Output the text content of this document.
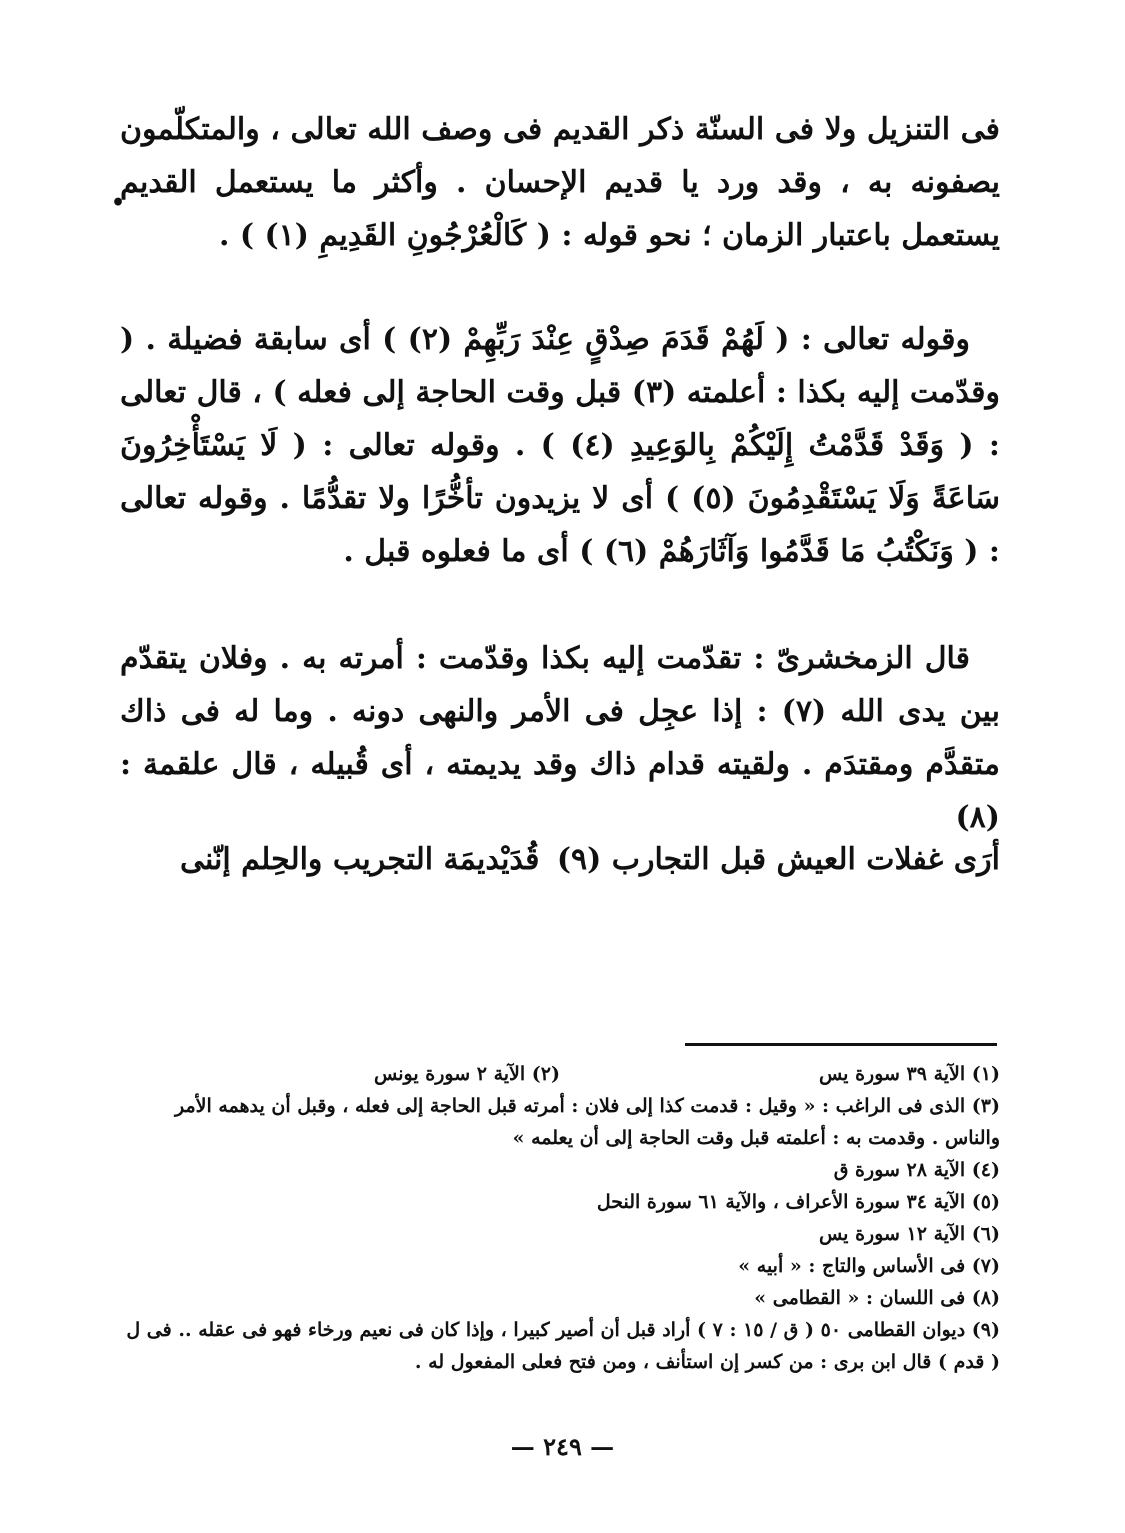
فى التنزيل ولا فى السنّة ذكر القديم فى وصف الله تعالى ، والمتكلّمون يصفونه به ، وقد ورد يا قديم الإحسان . وأكثر ما يستعمل القديم يستعمل باعتبار الزمان ؛ نحو قوله : ( كَالْعُرْجُونِ القَدِيمِ (١) ) .

•

وقوله تعالى : ( لَهُمْ قَدَمَ صِدْقٍ عِنْدَ رَبِّهِمْ (٢) ) أى سابقة فضيلة . ( وقدّمت إليه بكذا : أعلمته (٣) قبل وقت الحاجة إلى فعله ) ، قال تعالى : ( وَقَدْ قَدَّمْتُ إِلَيْكُمْ بِالوَعِيدِ (٤) ) . وقوله تعالى : ( لَا يَسْتَأْخِرُونَ سَاعَةً وَلَا يَسْتَقْدِمُونَ (٥) ) أى لا يزيدون تأخُّرًا ولا تقدُّمًا . وقوله تعالى : ( وَنَكْتُبُ مَا قَدَّمُوا وَآثَارَهُمْ (٦) ) أى ما فعلوه قبل .

قال الزمخشرىّ : تقدّمت إليه بكذا وقدّمت : أمرته به . وفلان يتقدّم بين يدى الله (٧) : إذا عجِل فى الأمر والنهى دونه . وما له فى ذاك متقدَّم ومقتدَم . ولقيته قدام ذاك وقد يديمته ، أى قُبيله ، قال علقمة : (٨)

أرَى غفلات العيش قبل التجارب (٩)
قُدَيْديمَة التجريب والحِلم إنّنى

(١) الآية ٣٩ سورة يس

(٢) الآية ٢ سورة يونس

(٣) الذى فى الراغب : « وقيل : قدمت كذا إلى فلان : أمرته قبل الحاجة إلى فعله ، وقبل أن يدهمه الأمر والناس . وقدمت به : أعلمته قبل وقت الحاجة إلى أن يعلمه »

(٤) الآية ٢٨ سورة ق

(٥) الآية ٣٤ سورة الأعراف ، والآية ٦١ سورة النحل

(٦) الآية ١٢ سورة يس

(٧) فى الأساس والتاج : « أبيه »

(٨) فى اللسان : « القطامى »

(٩) ديوان القطامى ٥٠ ( ق / ١٥ : ٧ ) أراد قبل أن أصير كبيرا ، وإذا كان فى نعيم ورخاء فهو فى عقله .. فى ل ( قدم ) قال ابن برى : من كسر إن استأنف ، ومن فتح فعلى المفعول له .

— ٢٤٩ —
